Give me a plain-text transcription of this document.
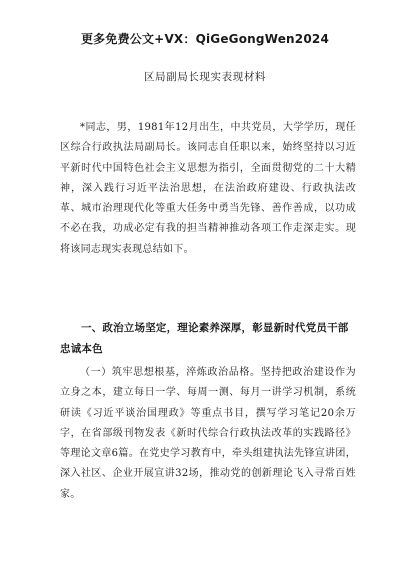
更多免费公文+VX：QiGeGongWen2024
区局副局长现实表现材料

*同志，男，1981年12月出生，中共党员，大学学历，现任区综合行政执法局副局长。该同志自任职以来，始终坚持以习近平新时代中国特色社会主义思想为指引，全面贯彻党的二十大精神，深入践行习近平法治思想，在法治政府建设、行政执法改革、城市治理现代化等重大任务中勇当先锋、善作善成，以功成不必在我，功成必定有我的担当精神推动各项工作走深走实。现将该同志现实表现总结如下。

一、政治立场坚定，理论素养深厚，彰显新时代党员干部忠诚本色

（一）筑牢思想根基，淬炼政治品格。坚持把政治建设作为立身之本，建立每日一学、每周一测、每月一讲学习机制，系统研读《习近平谈治国理政》等重点书目，撰写学习笔记20余万字，在省部级刊物发表《新时代综合行政执法改革的实践路径》等理论文章6篇。在党史学习教育中，牵头组建执法先锋宣讲团，深入社区、企业开展宣讲32场，推动党的创新理论飞入寻常百姓家。
